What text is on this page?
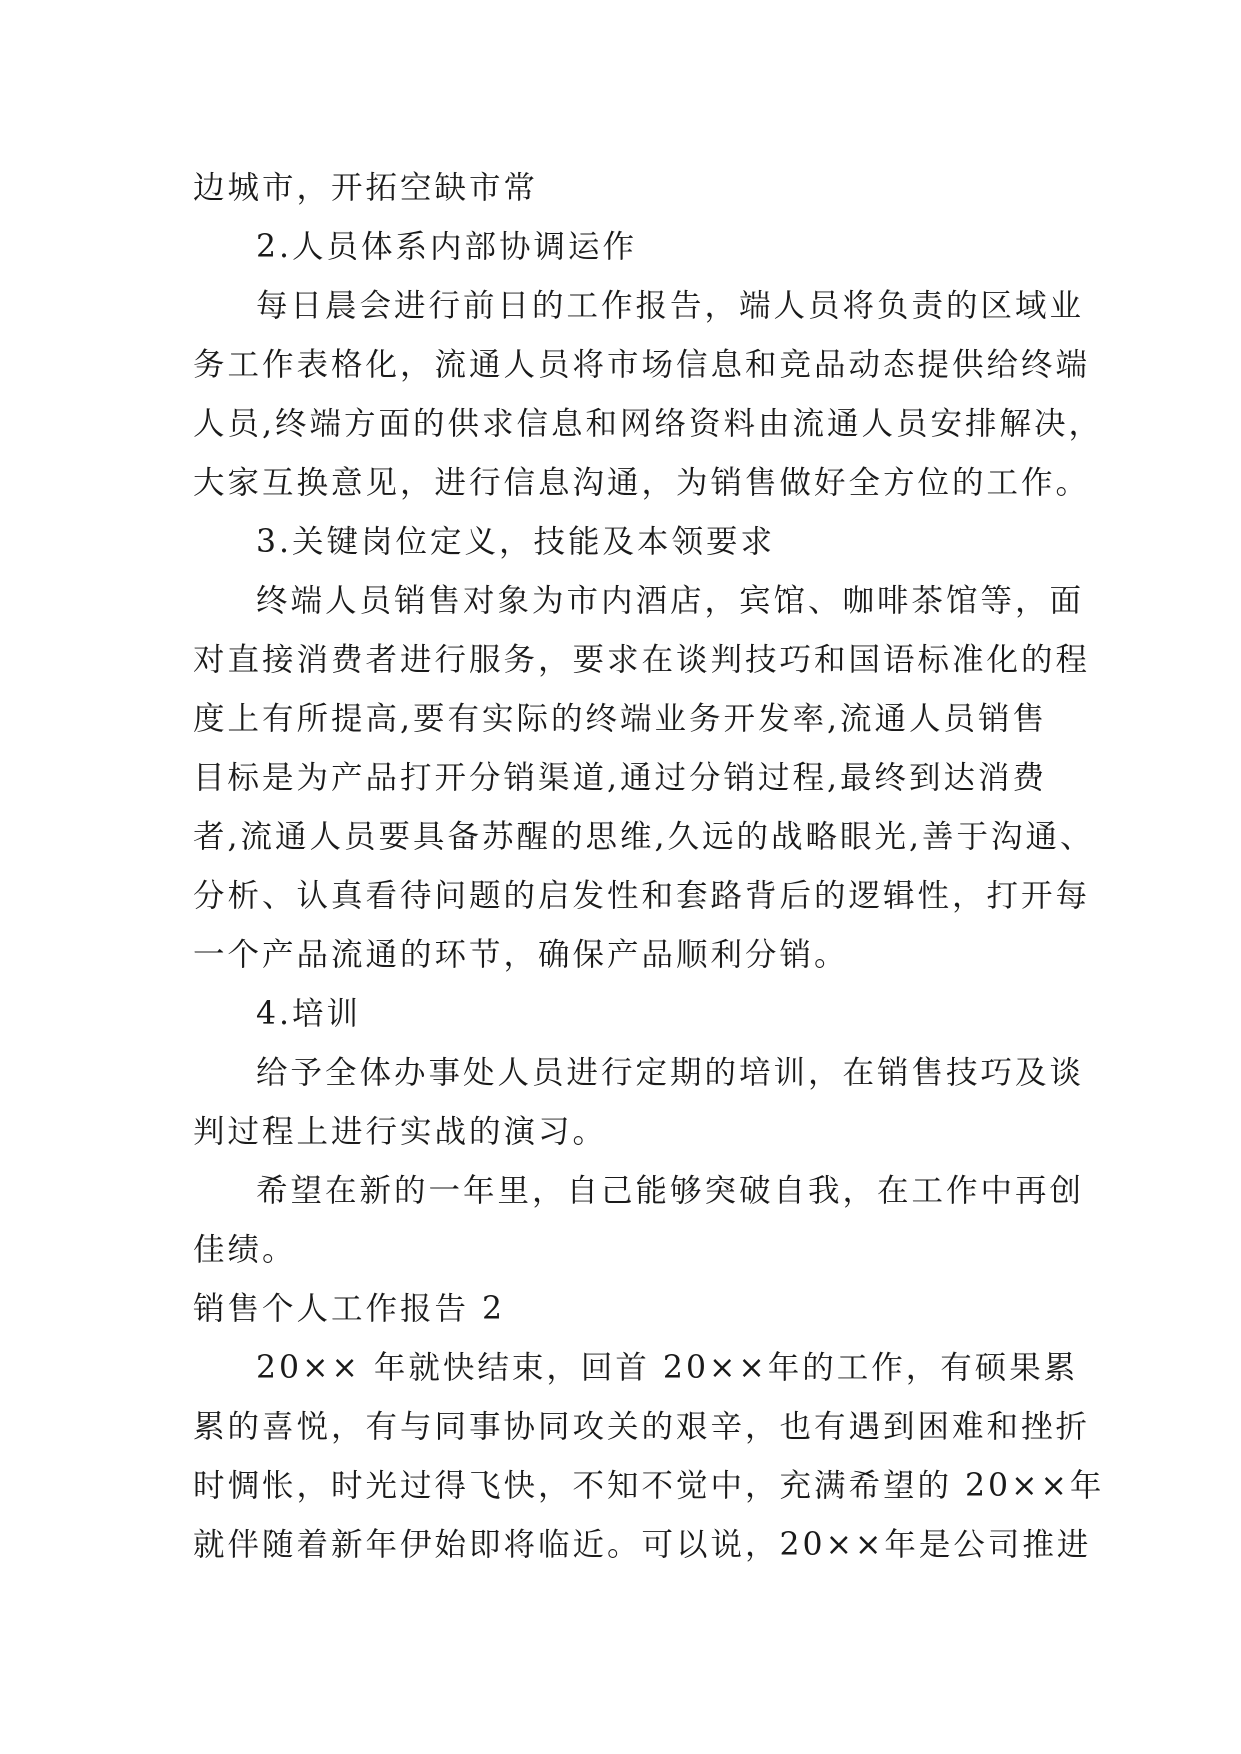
边城市，开拓空缺市常
2.人员体系内部协调运作
每日晨会进行前日的工作报告，端人员将负责的区域业
务工作表格化，流通人员将市场信息和竞品动态提供给终端
人员,终端方面的供求信息和网络资料由流通人员安排解决，
大家互换意见，进行信息沟通，为销售做好全方位的工作。
3.关键岗位定义，技能及本领要求
终端人员销售对象为市内酒店，宾馆、咖啡茶馆等，面
对直接消费者进行服务，要求在谈判技巧和国语标准化的程
度上有所提高,要有实际的终端业务开发率,流通人员销售
目标是为产品打开分销渠道,通过分销过程,最终到达消费
者,流通人员要具备苏醒的思维,久远的战略眼光,善于沟通、
分析、认真看待问题的启发性和套路背后的逻辑性，打开每
一个产品流通的环节，确保产品顺利分销。
4.培训
给予全体办事处人员进行定期的培训，在销售技巧及谈
判过程上进行实战的演习。
希望在新的一年里，自己能够突破自我，在工作中再创
佳绩。
销售个人工作报告 2
20×× 年就快结束，回首 20××年的工作，有硕果累
累的喜悦，有与同事协同攻关的艰辛，也有遇到困难和挫折
时惆怅，时光过得飞快，不知不觉中，充满希望的 20××年
就伴随着新年伊始即将临近。可以说，20××年是公司推进
